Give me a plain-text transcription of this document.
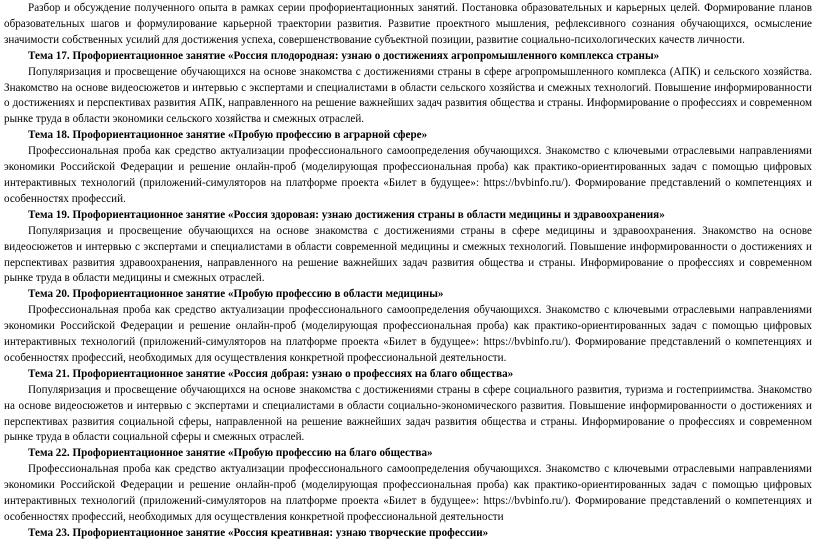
Разбор и обсуждение полученного опыта в рамках серии профориентационных занятий. Постановка образовательных и карьерных целей. Формирование планов образовательных шагов и формулирование карьерной траектории развития. Развитие проектного мышления, рефлексивного сознания обучающихся, осмысление значимости собственных усилий для достижения успеха, совершенствование субъектной позиции, развитие социально-психологических качеств личности.

Тема 17. Профориентационное занятие «Россия плодородная: узнаю о достижениях агропромышленного комплекса страны»

Популяризация и просвещение обучающихся на основе знакомства с достижениями страны в сфере агропромышленного комплекса (АПК) и сельского хозяйства. Знакомство на основе видеосюжетов и интервью с экспертами и специалистами в области сельского хозяйства и смежных технологий. Повышение информированности о достижениях и перспективах развития АПК, направленного на решение важнейших задач развития общества и страны. Информирование о профессиях и современном рынке труда в области экономики сельского хозяйства и смежных отраслей.

Тема 18. Профориентационное занятие «Пробую профессию в аграрной сфере»

Профессиональная проба как средство актуализации профессионального самоопределения обучающихся. Знакомство с ключевыми отраслевыми направлениями экономики Российской Федерации и решение онлайн-проб (моделирующая профессиональная проба) как практико-ориентированных задач с помощью цифровых интерактивных технологий (приложений-симуляторов на платформе проекта «Билет в будущее»: https://bvbinfo.ru/). Формирование представлений о компетенциях и особенностях профессий.

Тема 19. Профориентационное занятие «Россия здоровая: узнаю достижения страны в области медицины и здравоохранения»

Популяризация и просвещение обучающихся на основе знакомства с достижениями страны в сфере медицины и здравоохранения. Знакомство на основе видеосюжетов и интервью с экспертами и специалистами в области современной медицины и смежных технологий. Повышение информированности о достижениях и перспективах развития здравоохранения, направленного на решение важнейших задач развития общества и страны. Информирование о профессиях и современном рынке труда в области медицины и смежных отраслей.

Тема 20. Профориентационное занятие «Пробую профессию в области медицины»

Профессиональная проба как средство актуализации профессионального самоопределения обучающихся. Знакомство с ключевыми отраслевыми направлениями экономики Российской Федерации и решение онлайн-проб (моделирующая профессиональная проба) как практико-ориентированных задач с помощью цифровых интерактивных технологий (приложений-симуляторов на платформе проекта «Билет в будущее»: https://bvbinfo.ru/). Формирование представлений о компетенциях и особенностях профессий, необходимых для осуществления конкретной профессиональной деятельности.

Тема 21. Профориентационное занятие «Россия добрая: узнаю о профессиях на благо общества»

Популяризация и просвещение обучающихся на основе знакомства с достижениями страны в сфере социального развития, туризма и гостеприимства. Знакомство на основе видеосюжетов и интервью с экспертами и специалистами в области социально-экономического развития. Повышение информированности о достижениях и перспективах развития социальной сферы, направленной на решение важнейших задач развития общества и страны. Информирование о профессиях и современном рынке труда в области социальной сферы и смежных отраслей.

Тема 22. Профориентационное занятие «Пробую профессию на благо общества»

Профессиональная проба как средство актуализации профессионального самоопределения обучающихся. Знакомство с ключевыми отраслевыми направлениями экономики Российской Федерации и решение онлайн-проб (моделирующая профессиональная проба) как практико-ориентированных задач с помощью цифровых интерактивных технологий (приложений-симуляторов на платформе проекта «Билет в будущее»: https://bvbinfo.ru/). Формирование представлений о компетенциях и особенностях профессий, необходимых для осуществления конкретной профессиональной деятельности

Тема 23. Профориентационное занятие «Россия креативная: узнаю творческие профессии»
